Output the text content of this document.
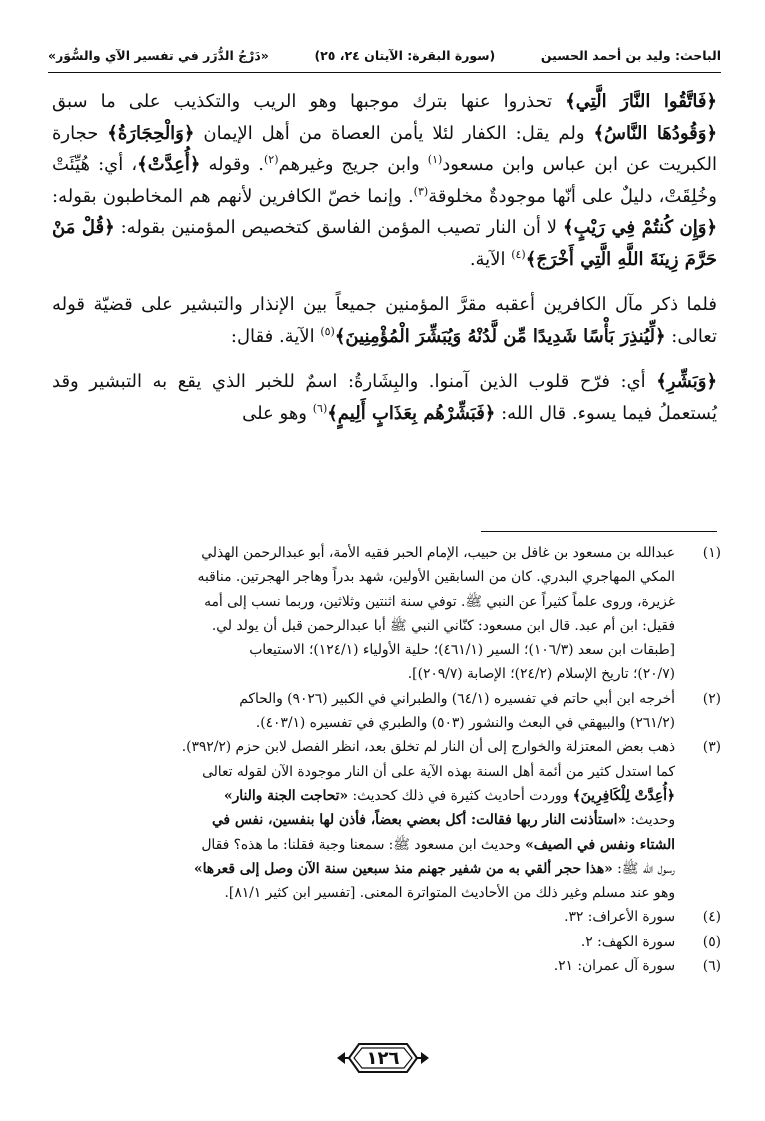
الباحث: وليد بن أحمد الحسين
(سورة البقرة: الآيتان ٢٤، ٢٥)
«دَرْجُ الدُّرَر في تفسير الآي والسُّوَر»

﴿فَاتَّقُوا النَّارَ الَّتِي﴾ تحذروا عنها بترك موجبها وهو الريب والتكذيب على ما سبق ﴿وَقُودُهَا النَّاسُ﴾ ولم يقل: الكفار لئلا يأمن العصاة من أهل الإيمان ﴿وَالْحِجَارَةُ﴾ حجارة الكبريت عن ابن عباس وابن مسعود$^{(١)}$ وابن جريج وغيرهم$^{(٢)}$. وقوله ﴿أُعِدَّتْ﴾، أي: هُيِّئَتْ وخُلِقَتْ، دليلٌ على أنّها موجودةٌ مخلوقة$^{(٣)}$. وإنما خصّ الكافرين لأنهم هم المخاطبون بقوله: ﴿وَإِن كُنتُمْ فِي رَيْبٍ﴾ لا أن النار تصيب المؤمن الفاسق كتخصيص المؤمنين بقوله: ﴿قُلْ مَنْ حَرَّمَ زِينَةَ اللَّهِ الَّتِي أَخْرَجَ﴾$^{(٤)}$ الآية.

فلما ذكر مآل الكافرين أعقبه مقرَّ المؤمنين جميعاً بين الإنذار والتبشير على قضيّة قوله تعالى: ﴿لِّيُنذِرَ بَأْسًا شَدِيدًا مِّن لَّدُنْهُ وَيُبَشِّرَ الْمُؤْمِنِينَ﴾$^{(٥)}$ الآية. فقال:

﴿وَبَشِّرِ﴾ أي: فرّح قلوب الذين آمنوا. والبِشَارةُ: اسمٌ للخبر الذي يقع به التبشير وقد يُستعملُ فيما يسوء. قال الله: ﴿فَبَشِّرْهُم بِعَذَابٍ أَلِيمٍ﴾$^{(٦)}$ وهو على

(١)
عبدالله بن مسعود بن غافل بن حبيب، الإمام الحبر فقيه الأمة، أبو عبدالرحمن الهذلي
المكي المهاجري البدري. كان من السابقين الأولين، شهد بدراً وهاجر الهجرتين. مناقبه
غزيرة، وروى علماً كثيراً عن النبي ﷺ. توفي سنة اثنتين وثلاثين، وربما نسب إلى أمه
فقيل: ابن أم عبد. قال ابن مسعود: كنّاني النبي ﷺ أبا عبدالرحمن قبل أن يولد لي.
[طبقات ابن سعد (١٠٦/٣)؛ السير (٤٦١/١)؛ حلية الأولياء (١٢٤/١)؛ الاستيعاب
(٢٠/٧)؛ تاريخ الإسلام (٢٤/٢)؛ الإصابة (٢٠٩/٧)].
(٢)
أخرجه ابن أبي حاتم في تفسيره (٦٤/١) والطبراني في الكبير (٩٠٢٦) والحاكم
(٢٦١/٢) والبيهقي في البعث والنشور (٥٠٣) والطبري في تفسيره (٤٠٣/١).
(٣)
ذهب بعض المعتزلة والخوارج إلى أن النار لم تخلق بعد، انظر الفصل لابن حزم (٣٩٢/٢).
كما استدل كثير من أئمة أهل السنة بهذه الآية على أن النار موجودة الآن لقوله تعالى
﴿أُعِدَّتْ لِلْكَافِرِينَ﴾ ووردت أحاديث كثيرة في ذلك كحديث: «تحاجت الجنة والنار»
وحديث: «استأذنت النار ربها فقالت: أكل بعضي بعضاً، فأذن لها بنفسين، نفس في
الشتاء ونفس في الصيف» وحديث ابن مسعود ﷺ: سمعنا وجبة فقلنا: ما هذه؟ فقال
رسول الله ﷺ: «هذا حجر ألقي به من شفير جهنم منذ سبعين سنة الآن وصل إلى قعرها»
وهو عند مسلم وغير ذلك من الأحاديث المتواترة المعنى. [تفسير ابن كثير ٨١/١].
(٤)
سورة الأعراف: ٣٢.
(٥)
سورة الكهف: ٢.
(٦)
سورة آل عمران: ٢١.
١٢٦
